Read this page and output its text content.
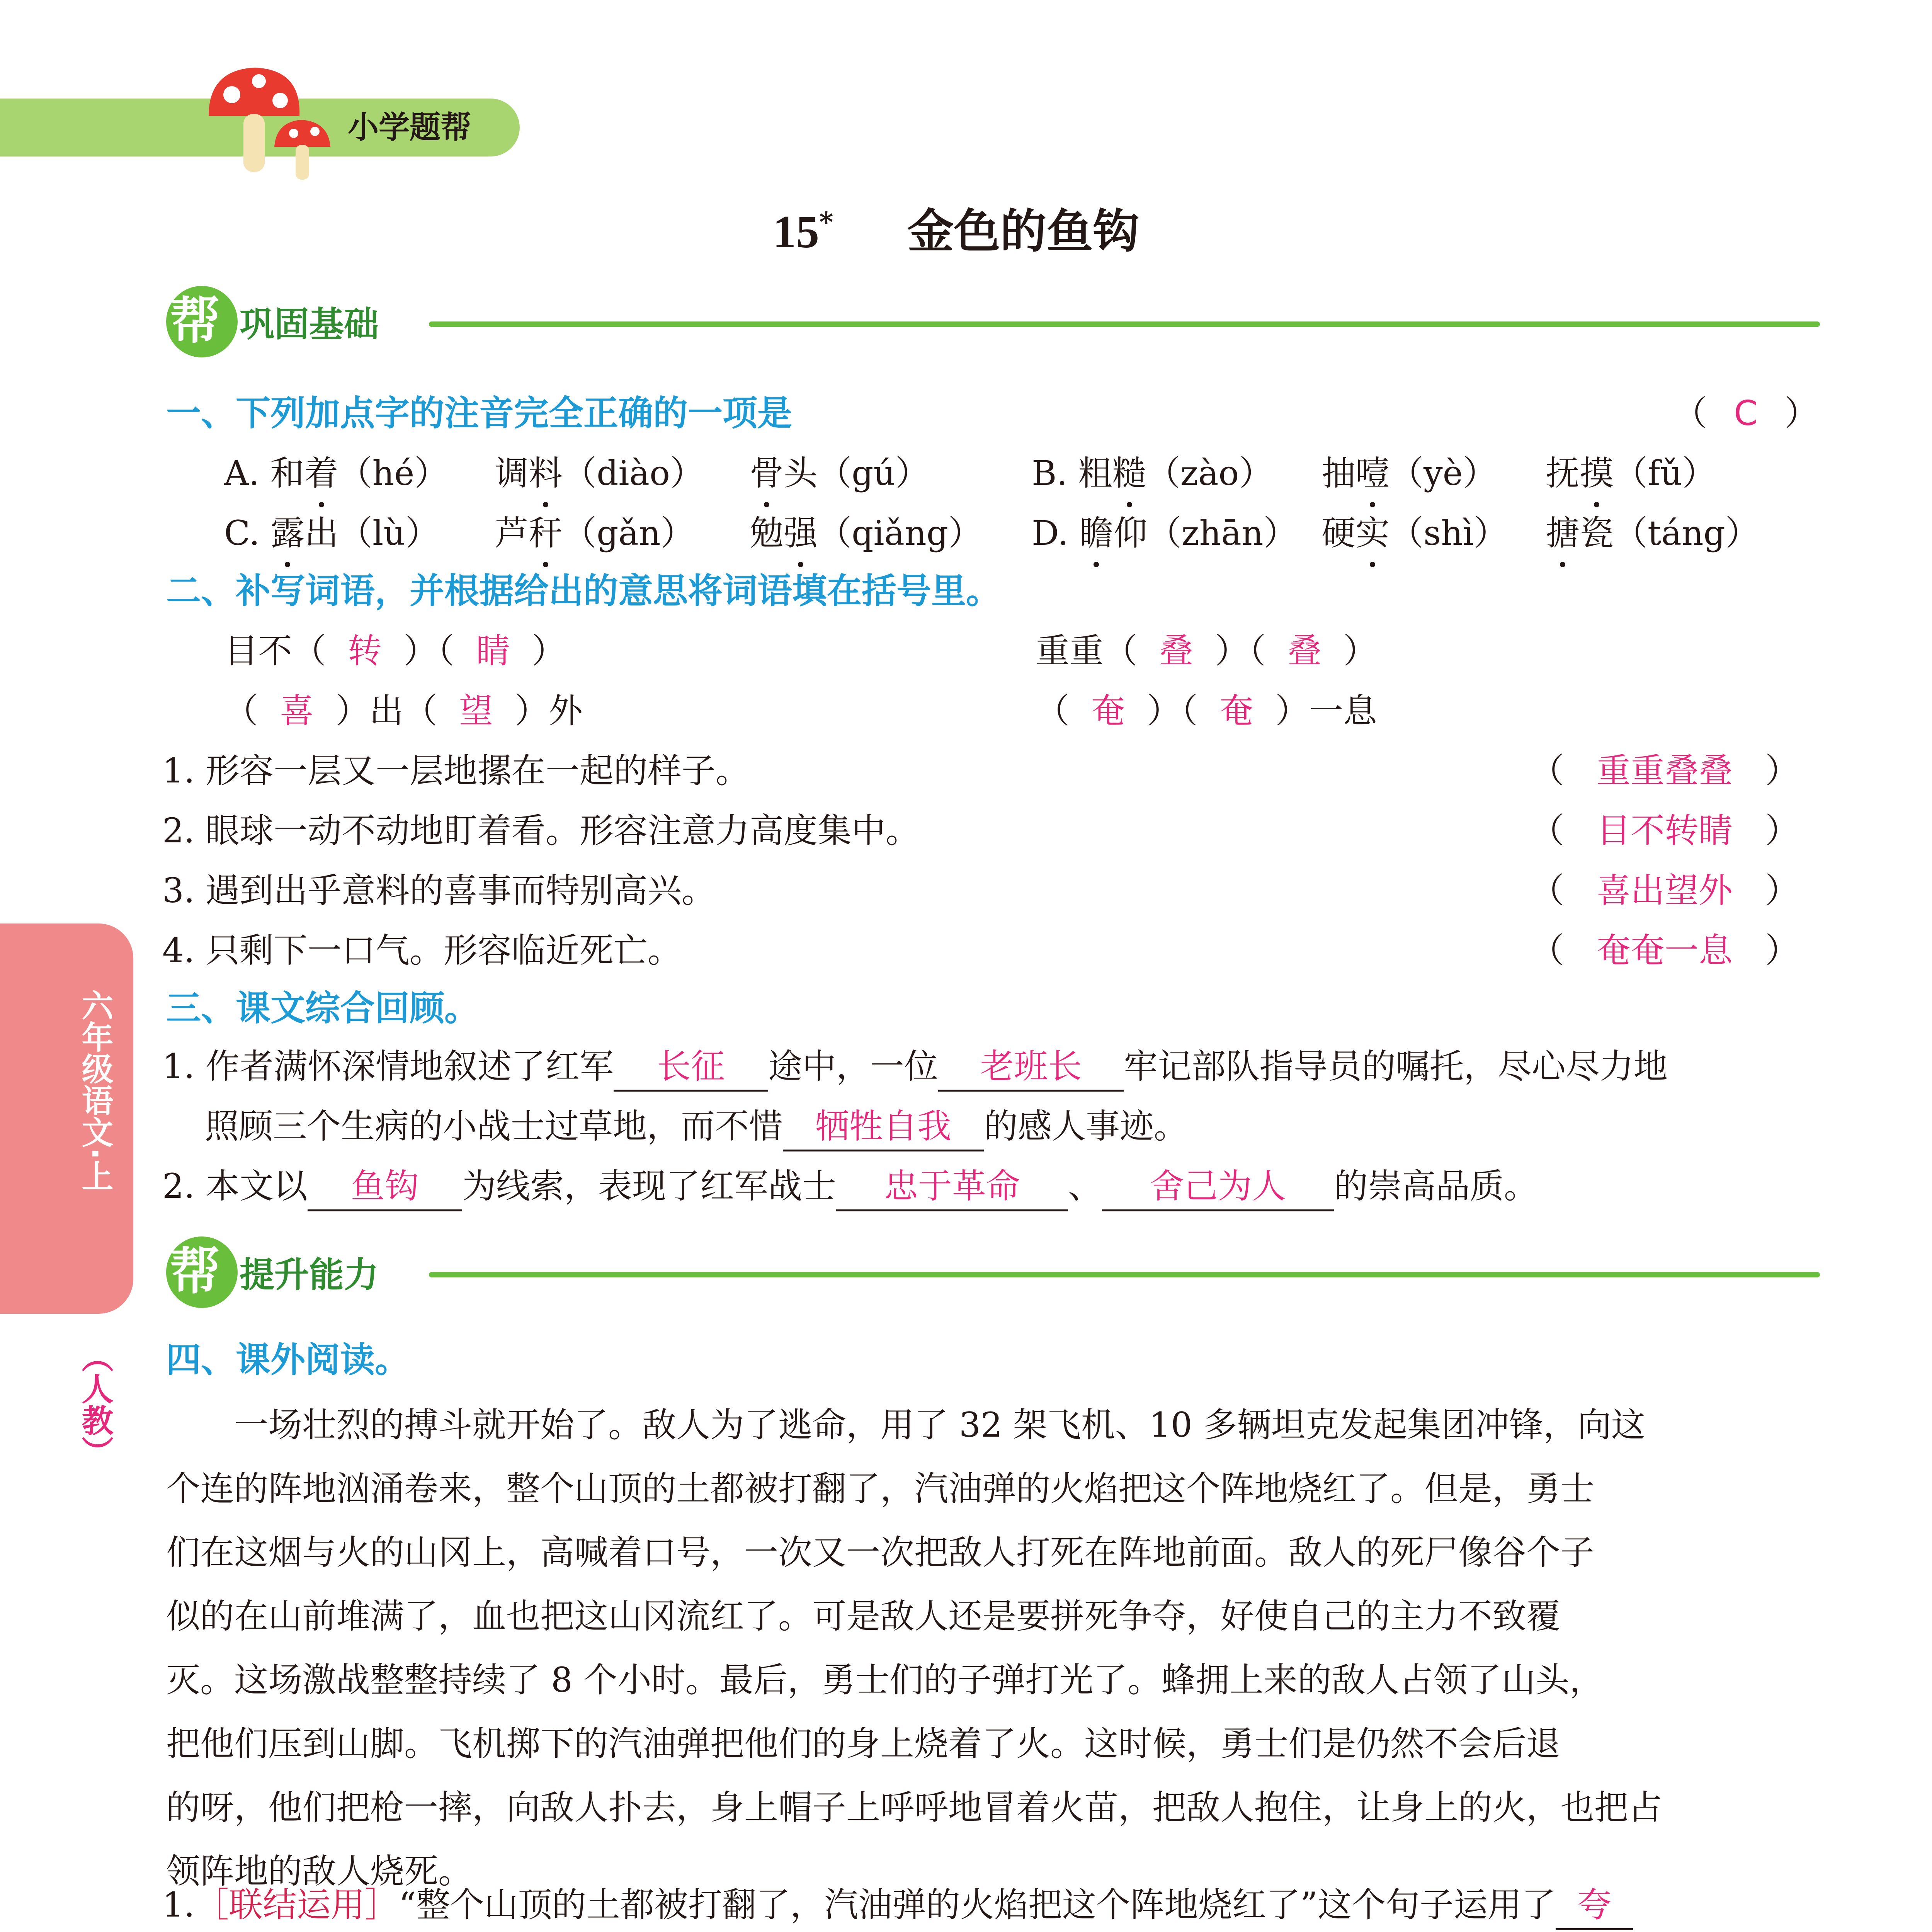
小学题帮
15* 金色的鱼钩
六年级语文·上
（人教）
帮 巩固基础
一、下列加点字的注音完全正确的一项是	（ C ）
A. 和着（hé） 调料（diào） 骨头（gú）	B. 粗糙（zào） 抽噎（yè） 抚摸（fǔ）
C. 露出（lù） 芦秆（gǎn） 勉强（qiǎng） D. 瞻仰（zhān） 硬实（shì） 搪瓷（táng）
二、补写词语，并根据给出的意思将词语填在括号里。
目不（ 转 ）（ 睛 ）	重重（ 叠 ）（ 叠 ）
（ 喜 ）出（ 望 ）外	（ 奄 ）（ 奄 ）一息
1. 形容一层又一层地摞在一起的样子。	（ 重重叠叠 ）
2. 眼球一动不动地盯着看。形容注意力高度集中。	（ 目不转睛 ）
3. 遇到出乎意料的喜事而特别高兴。	（ 喜出望外 ）
4. 只剩下一口气。形容临近死亡。	（ 奄奄一息 ）
三、课文综合回顾。
1. 作者满怀深情地叙述了红军 长征 途中，一位 老班长 牢记部队指导员的嘱托，尽心尽力地
照顾三个生病的小战士过草地，而不惜 牺牲自我 的感人事迹。
2. 本文以 鱼钩 为线索，表现了红军战士 忠于革命 、 舍己为人 的崇高品质。
帮 提升能力
四、课外阅读。
　　一场壮烈的搏斗就开始了。敌人为了逃命，用了 32 架飞机、10 多辆坦克发起集团冲锋，向这
个连的阵地汹涌卷来，整个山顶的土都被打翻了，汽油弹的火焰把这个阵地烧红了。但是，勇士
们在这烟与火的山冈上，高喊着口号，一次又一次把敌人打死在阵地前面。敌人的死尸像谷个子
似的在山前堆满了，血也把这山冈流红了。可是敌人还是要拼死争夺，好使自己的主力不致覆
灭。这场激战整整持续了 8 个小时。最后，勇士们的子弹打光了。蜂拥上来的敌人占领了山头，
把他们压到山脚。飞机掷下的汽油弹把他们的身上烧着了火。这时候，勇士们是仍然不会后退
的呀，他们把枪一摔，向敌人扑去，身上帽子上呼呼地冒着火苗，把敌人抱住，让身上的火，也把占
领阵地的敌人烧死。
1.［联结运用］“整个山顶的土都被打翻了，汽油弹的火焰把这个阵地烧红了”这个句子运用了 夸
